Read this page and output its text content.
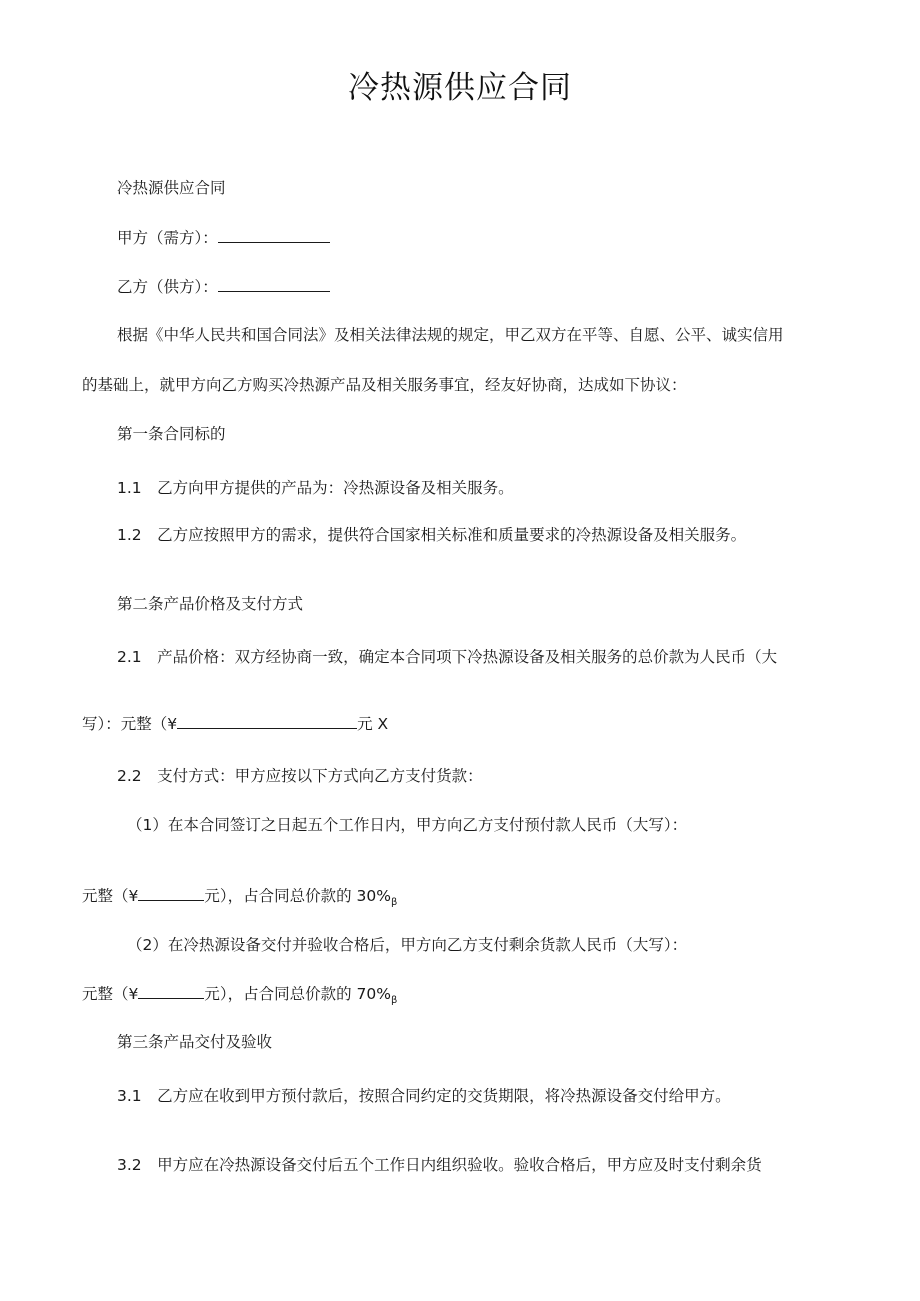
冷热源供应合同

冷热源供应合同

甲方（需方）：

乙方（供方）：

根据《中华人民共和国合同法》及相关法律法规的规定，甲乙双方在平等、自愿、公平、诚实信用

的基础上，就甲方向乙方购买冷热源产品及相关服务事宜，经友好协商，达成如下协议：

第一条合同标的

1.1　乙方向甲方提供的产品为：冷热源设备及相关服务。

1.2　乙方应按照甲方的需求，提供符合国家相关标准和质量要求的冷热源设备及相关服务。

第二条产品价格及支付方式

2.1　产品价格：双方经协商一致，确定本合同项下冷热源设备及相关服务的总价款为人民币（大

写）：元整（¥	元 X

2.2　支付方式：甲方应按以下方式向乙方支付货款：

（1）在本合同签订之日起五个工作日内，甲方向乙方支付预付款人民币（大写）：

元整（¥	元），占合同总价款的 $30\%_\beta$

（2）在冷热源设备交付并验收合格后，甲方向乙方支付剩余货款人民币（大写）：

元整（¥	元），占合同总价款的 $70\%_\beta$

第三条产品交付及验收

3.1　乙方应在收到甲方预付款后，按照合同约定的交货期限，将冷热源设备交付给甲方。

3.2　甲方应在冷热源设备交付后五个工作日内组织验收。验收合格后，甲方应及时支付剩余货
